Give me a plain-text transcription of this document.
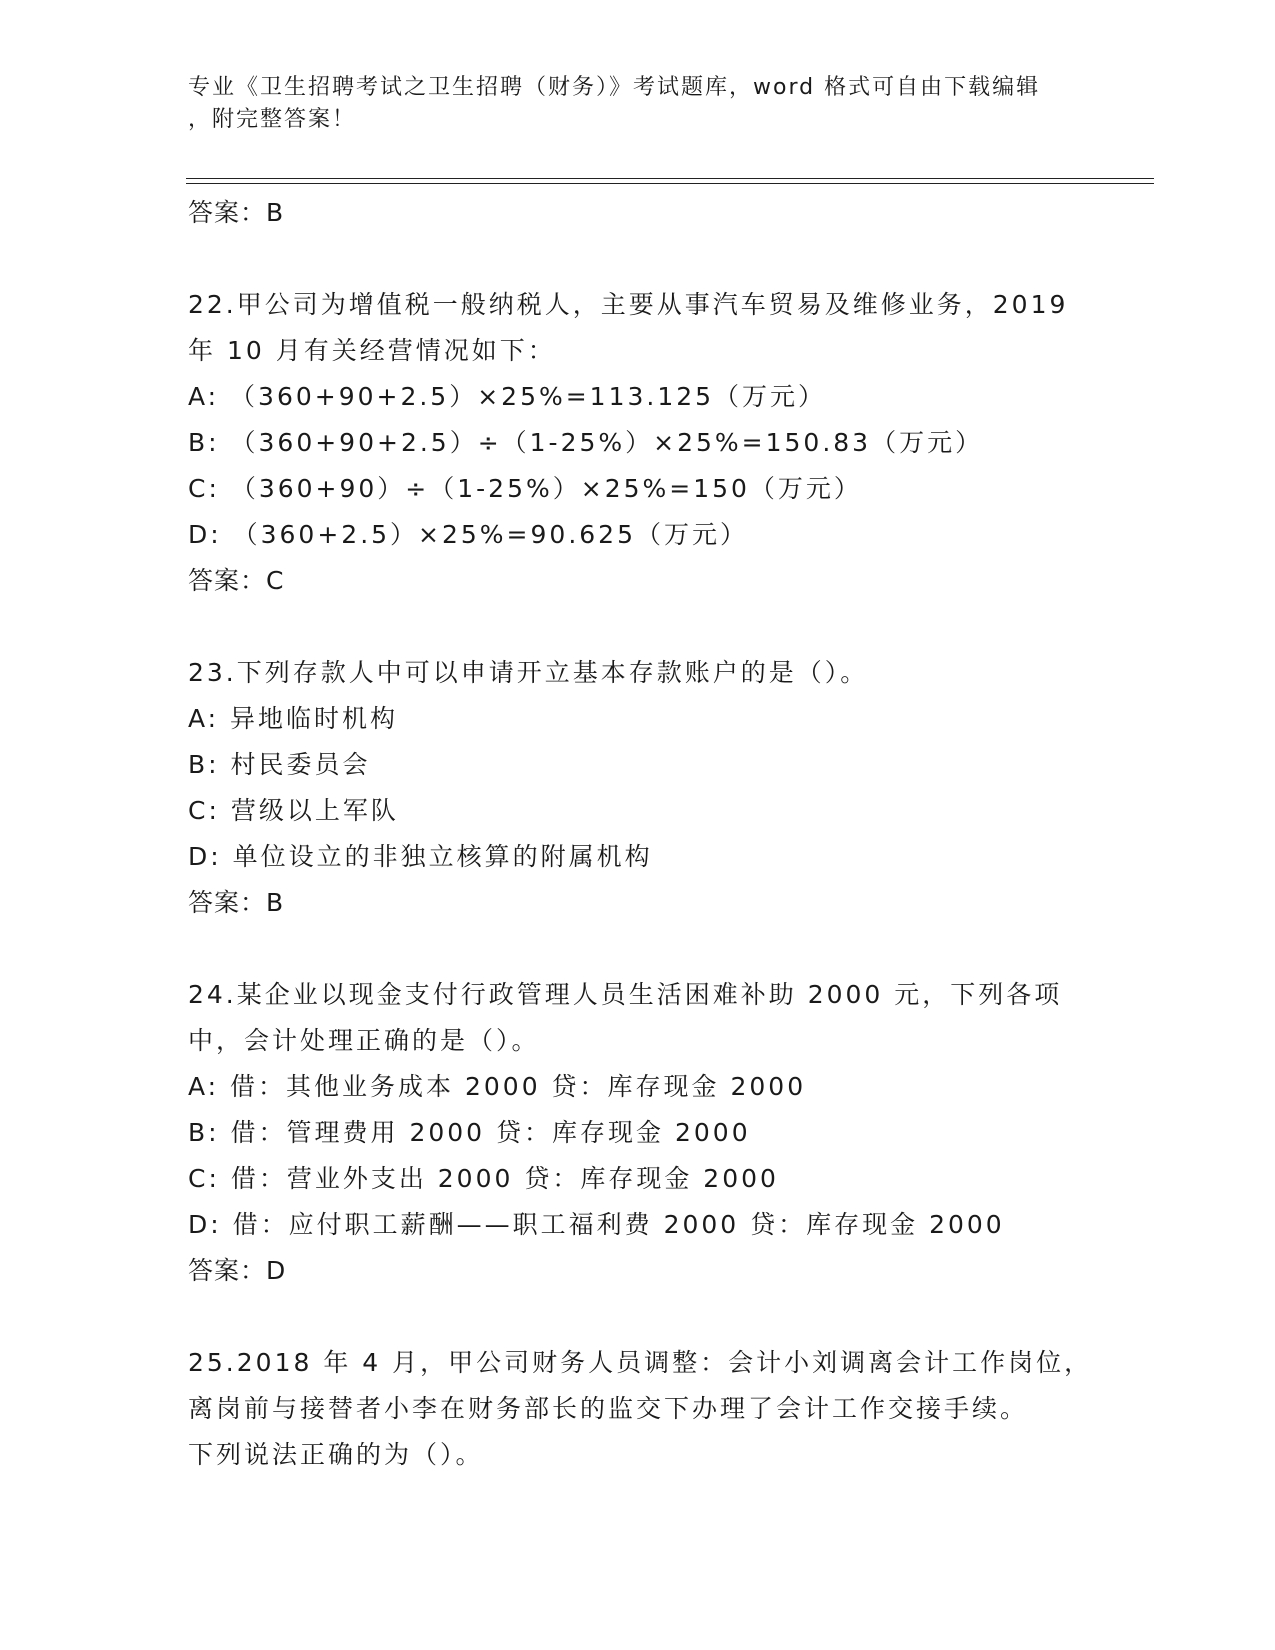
专业《卫生招聘考试之卫生招聘（财务）》考试题库，word 格式可自由下载编辑
，附完整答案！
答案：B
22.甲公司为增值税一般纳税人，主要从事汽车贸易及维修业务，2019
年 10 月有关经营情况如下：
A: （360+90+2.5）×25%=113.125（万元）
B: （360+90+2.5）÷（1-25%）×25%=150.83（万元）
C: （360+90）÷（1-25%）×25%=150（万元）
D: （360+2.5）×25%=90.625（万元）
答案：C
23.下列存款人中可以申请开立基本存款账户的是（）。
A: 异地临时机构
B: 村民委员会
C: 营级以上军队
D: 单位设立的非独立核算的附属机构
答案：B
24.某企业以现金支付行政管理人员生活困难补助 2000 元，下列各项
中，会计处理正确的是（）。
A: 借：其他业务成本 2000 贷：库存现金 2000
B: 借：管理费用 2000 贷：库存现金 2000
C: 借：营业外支出 2000 贷：库存现金 2000
D: 借：应付职工薪酬——职工福利费 2000 贷：库存现金 2000
答案：D
25.2018 年 4 月，甲公司财务人员调整：会计小刘调离会计工作岗位，
离岗前与接替者小李在财务部长的监交下办理了会计工作交接手续。
下列说法正确的为（）。
